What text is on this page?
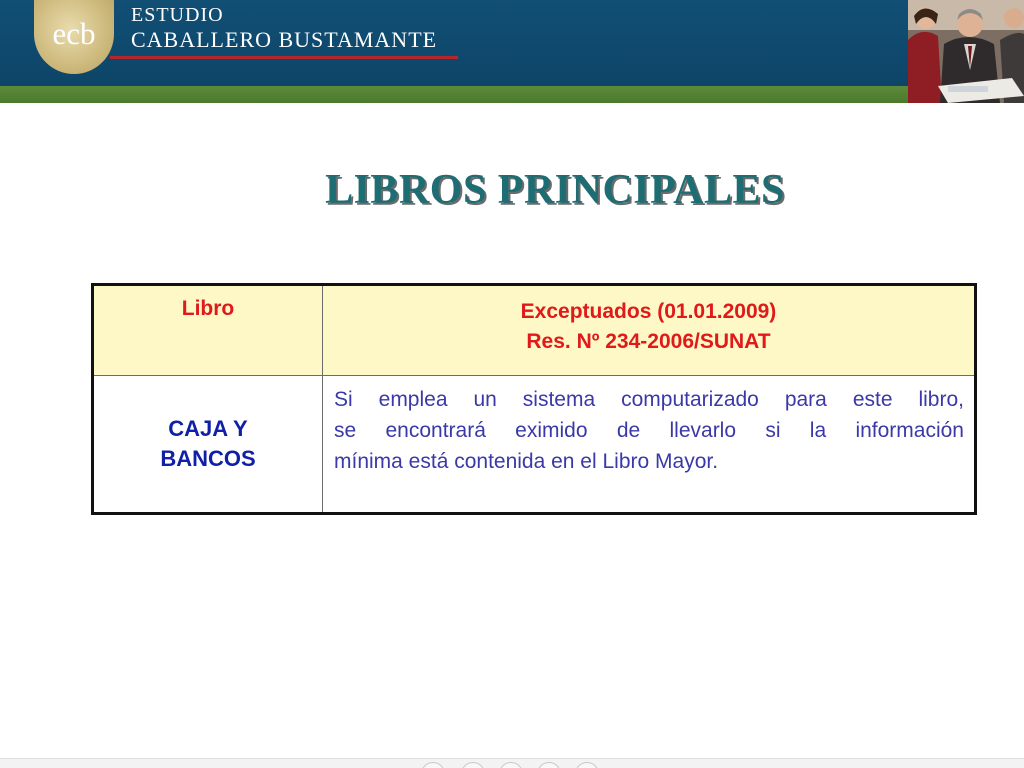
ecb
ESTUDIO
CABALLERO BUSTAMANTE
LIBROS PRINCIPALES
Libro	Exceptuados (01.01.2009)
Res. Nº 234-2006/SUNAT

CAJA Y
BANCOS	Si emplea un sistema computarizado para este libro,
se encontrará eximido de llevarlo si la información
mínima está contenida en el Libro Mayor.
